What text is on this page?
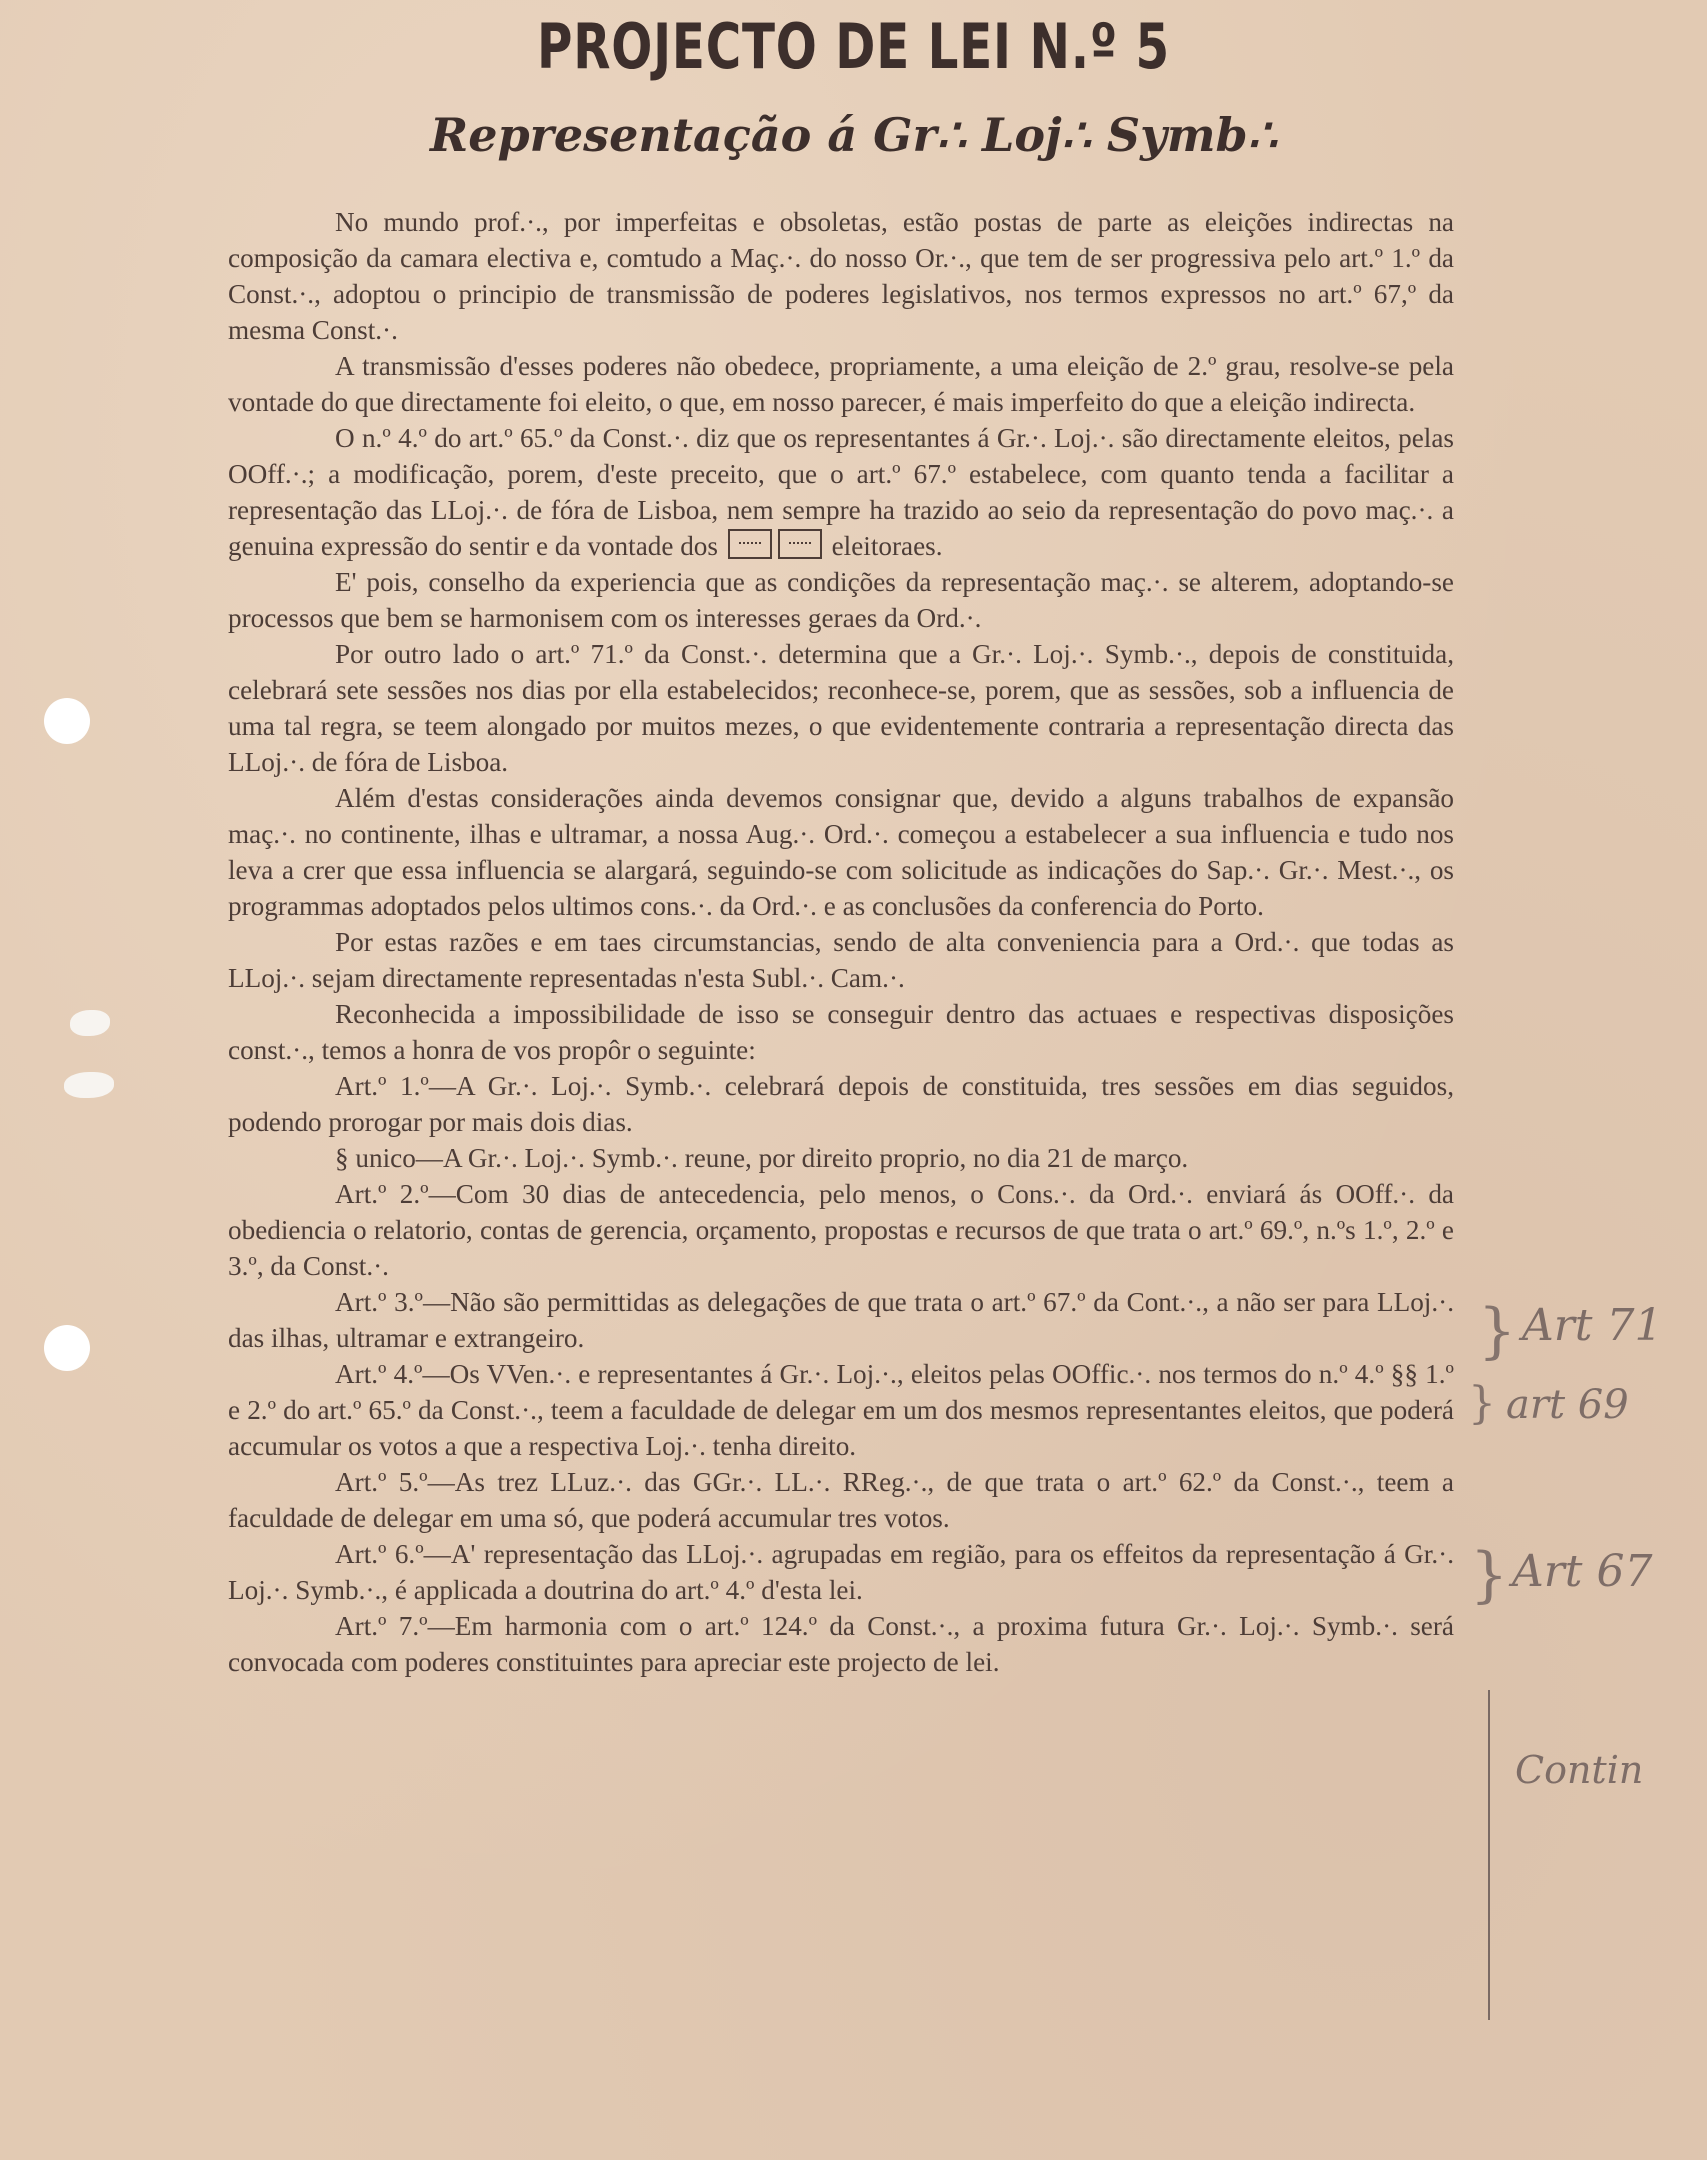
PROJECTO DE LEI N.º 5
Representação á Gr∴ Loj∴ Symb∴

No mundo prof.·., por imperfeitas e obsoletas, estão postas de parte as eleições indirectas na composição da camara electiva e, comtudo a Maç.·. do nosso Or.·., que tem de ser progressiva pelo art.º 1.º da Const.·., adoptou o principio de transmissão de poderes legislativos, nos termos expressos no art.º 67,º da mesma Const.·.

A transmissão d'esses poderes não obedece, propriamente, a uma eleição de 2.º grau, resolve-se pela vontade do que directamente foi eleito, o que, em nosso parecer, é mais imperfeito do que a eleição indirecta.

O n.º 4.º do art.º 65.º da Const.·. diz que os representantes á Gr.·. Loj.·. são directamente eleitos, pelas OOff.·.; a modificação, porem, d'este preceito, que o art.º 67.º estabelece, com quanto tenda a facilitar a representação das LLoj.·. de fóra de Lisboa, nem sempre ha trazido ao seio da representação do povo maç.·. a genuina expressão do sentir e da vontade dos	eleitoraes.

E' pois, conselho da experiencia que as condições da representação maç.·. se alterem, adoptando-se processos que bem se harmonisem com os interesses geraes da Ord.·.

Por outro lado o art.º 71.º da Const.·. determina que a Gr.·. Loj.·. Symb.·., depois de constituida, celebrará sete sessões nos dias por ella estabelecidos; reconhece-se, porem, que as sessões, sob a influencia de uma tal regra, se teem alongado por muitos mezes, o que evidentemente contraria a representação directa das LLoj.·. de fóra de Lisboa.

Além d'estas considerações ainda devemos consignar que, devido a alguns trabalhos de expansão maç.·. no continente, ilhas e ultramar, a nossa Aug.·. Ord.·. começou a estabelecer a sua influencia e tudo nos leva a crer que essa influencia se alargará, seguindo-se com solicitude as indicações do Sap.·. Gr.·. Mest.·., os programmas adoptados pelos ultimos cons.·. da Ord.·. e as conclusões da conferencia do Porto.

Por estas razões e em taes circumstancias, sendo de alta conveniencia para a Ord.·. que todas as LLoj.·. sejam directamente representadas n'esta Subl.·. Cam.·.

Reconhecida a impossibilidade de isso se conseguir dentro das actuaes e respectivas disposições const.·., temos a honra de vos propôr o seguinte:

Art.º 1.º—A Gr.·. Loj.·. Symb.·. celebrará depois de constituida, tres sessões em dias seguidos, podendo prorogar por mais dois dias.

§ unico—A Gr.·. Loj.·. Symb.·. reune, por direito proprio, no dia 21 de março.

Art.º 2.º—Com 30 dias de antecedencia, pelo menos, o Cons.·. da Ord.·. enviará ás OOff.·. da obediencia o relatorio, contas de gerencia, orçamento, propostas e recursos de que trata o art.º 69.º, n.ºs 1.º, 2.º e 3.º, da Const.·.

Art.º 3.º—Não são permittidas as delegações de que trata o art.º 67.º da Cont.·., a não ser para LLoj.·. das ilhas, ultramar e extrangeiro.

Art.º 4.º—Os VVen.·. e representantes á Gr.·. Loj.·., eleitos pelas OOffic.·. nos termos do n.º 4.º §§ 1.º e 2.º do art.º 65.º da Const.·., teem a faculdade de delegar em um dos mesmos representantes eleitos, que poderá accumular os votos a que a respectiva Loj.·. tenha direito.

Art.º 5.º—As trez LLuz.·. das GGr.·. LL.·. RReg.·., de que trata o art.º 62.º da Const.·., teem a faculdade de delegar em uma só, que poderá accumular tres votos.

Art.º 6.º—A' representação das LLoj.·. agrupadas em região, para os effeitos da representação á Gr.·. Loj.·. Symb.·., é applicada a doutrina do art.º 4.º d'esta lei.

Art.º 7.º—Em harmonia com o art.º 124.º da Const.·., a proxima futura Gr.·. Loj.·. Symb.·. será convocada com poderes constituintes para apreciar este projecto de lei.

} Art 71
} art 69
} Art 67
Contin
